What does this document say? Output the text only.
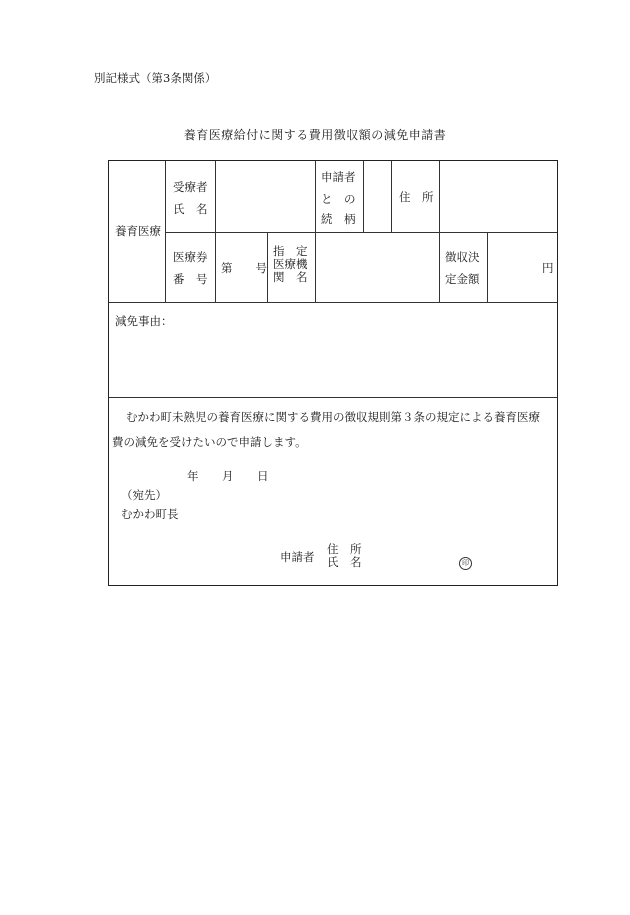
別記様式（第3条関係）
養育医療給付に関する費用徴収額の減免申請書
養育医療
受療者
氏　名
申請者
と　の
続　柄
住　所
医療券
番　号
第　　号
指　定
医療機
関　名
徴収決
定金額
円
減免事由：
むかわ町未熟児の養育医療に関する費用の徴収規則第３条の規定による養育医療
費の減免を受けたいので申請します。
年 月 日
（宛先）
むかわ町長
申請者
住　所
氏　名	印
